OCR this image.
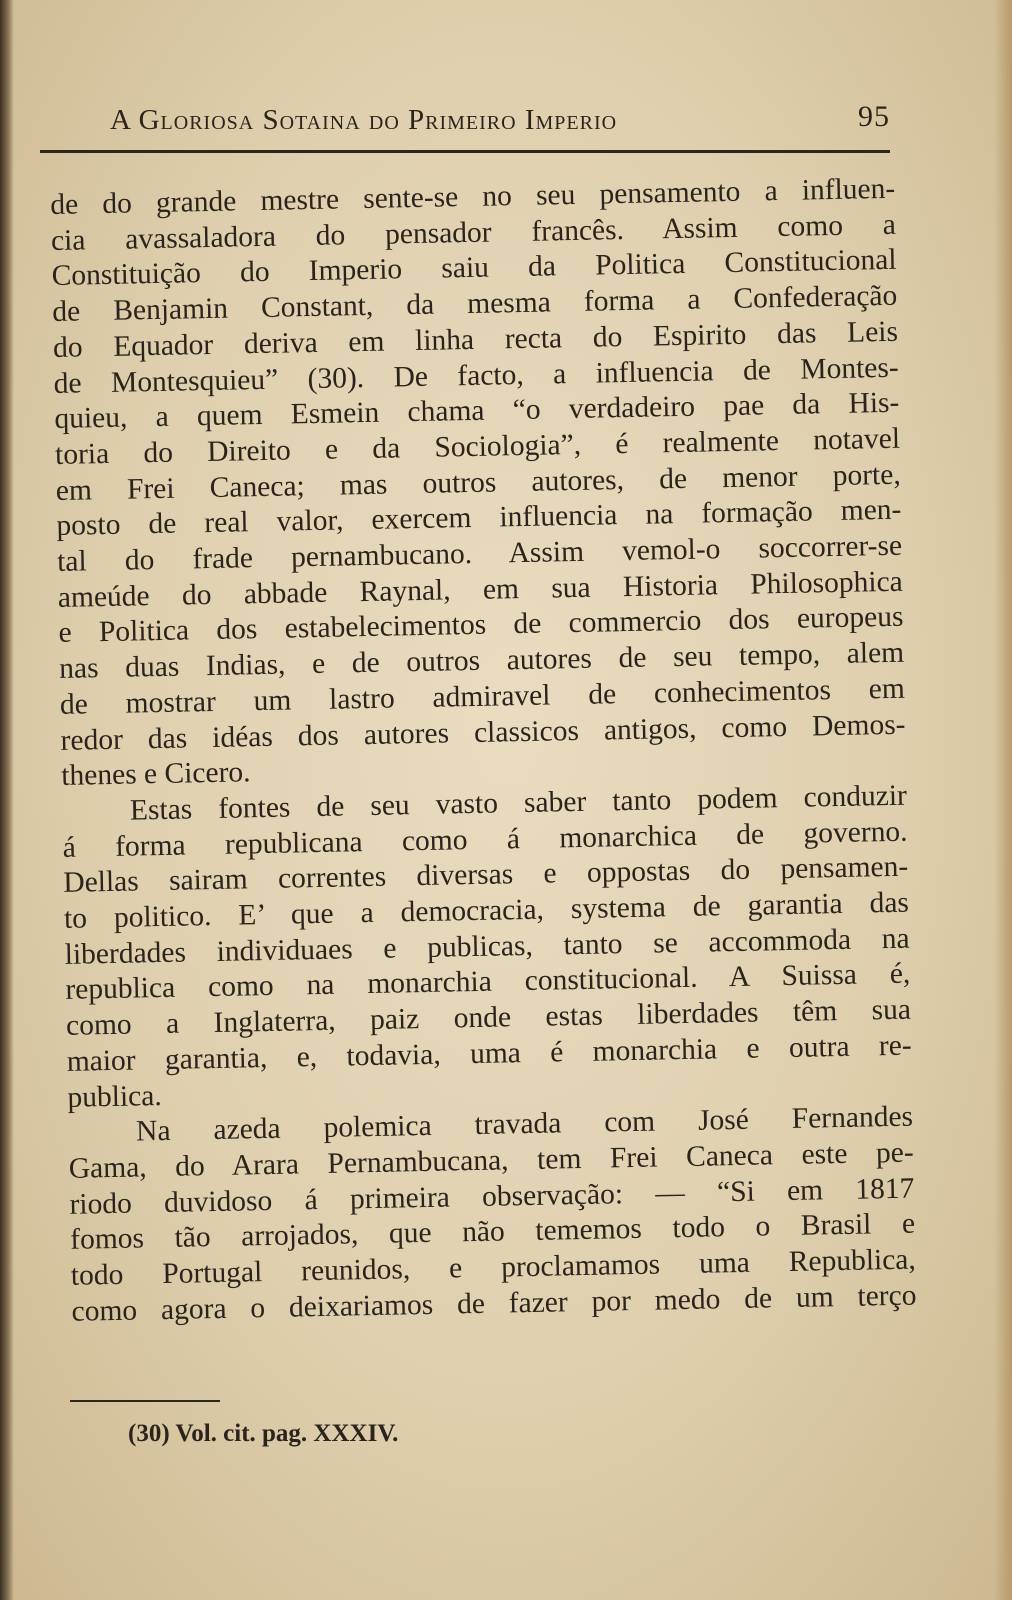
A Gloriosa Sotaina do Primeiro Imperio	95
de do grande mestre sente-se no seu pensamento a influen-
cia avassaladora do pensador francês. Assim como a
Constituição do Imperio saiu da Politica Constitucional
de Benjamin Constant, da mesma forma a Confederação
do Equador deriva em linha recta do Espirito das Leis
de Montesquieu” (30). De facto, a influencia de Montes-
quieu, a quem Esmein chama “o verdadeiro pae da His-
toria do Direito e da Sociologia”, é realmente notavel
em Frei Caneca; mas outros autores, de menor porte,
posto de real valor, exercem influencia na formação men-
tal do frade pernambucano. Assim vemol-o soccorrer-se
ameúde do abbade Raynal, em sua Historia Philosophica
e Politica dos estabelecimentos de commercio dos europeus
nas duas Indias, e de outros autores de seu tempo, alem
de mostrar um lastro admiravel de conhecimentos em
redor das idéas dos autores classicos antigos, como Demos-
thenes e Cicero.
Estas fontes de seu vasto saber tanto podem conduzir
á forma republicana como á monarchica de governo.
Dellas sairam correntes diversas e oppostas do pensamen-
to politico. E’ que a democracia, systema de garantia das
liberdades individuaes e publicas, tanto se accommoda na
republica como na monarchia constitucional. A Suissa é,
como a Inglaterra, paiz onde estas liberdades têm sua
maior garantia, e, todavia, uma é monarchia e outra re-
publica.
Na azeda polemica travada com José Fernandes
Gama, do Arara Pernambucana, tem Frei Caneca este pe-
riodo duvidoso á primeira observação: — “Si em 1817
fomos tão arrojados, que não tememos todo o Brasil e
todo Portugal reunidos, e proclamamos uma Republica,
como agora o deixariamos de fazer por medo de um terço
(30) Vol. cit. pag. XXXIV.
